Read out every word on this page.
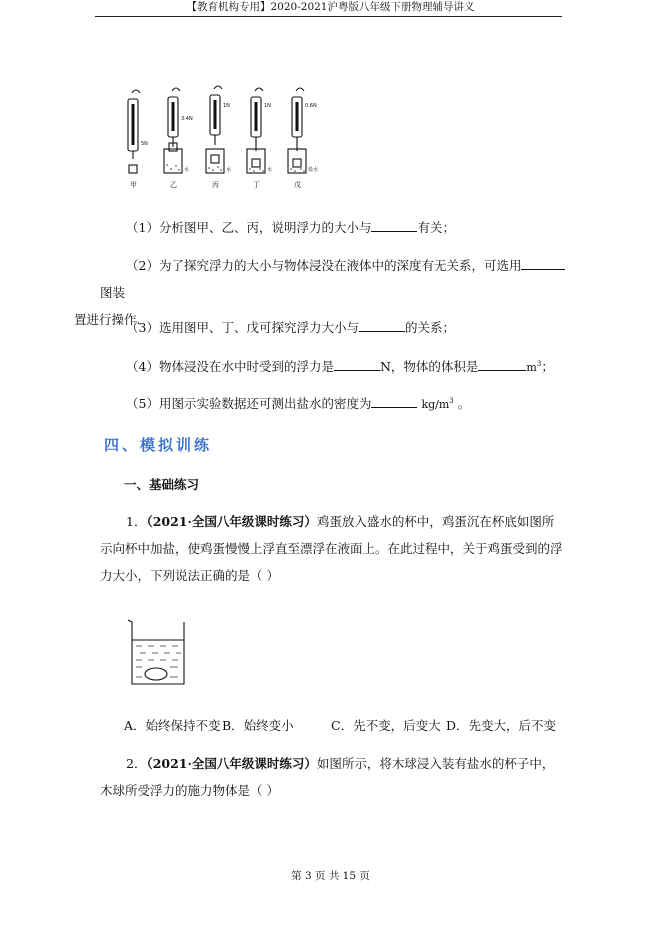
【教育机构专用】2020-2021沪粤版八年级下册物理辅导讲义
5N
3.4N
1N	1N	0.6N
水	水	水	盐水
甲	乙	丙	丁	戊
（1）分析图甲、乙、丙，说明浮力的大小与	有关；
（2）为了探究浮力的大小与物体浸没在液体中的深度有无关系，可选用图装
置进行操作.
（3）选用图甲、丁、戊可探究浮力大小与	的关系；
（4）物体浸没在水中时受到的浮力是	N，物体的体积是	$m^3$；
（5）用图示实验数据还可测出盐水的密度为	$kg/m^3$ 。
四、模拟训练
一、基础练习
1．（2021·全国八年级课时练习）鸡蛋放入盛水的杯中，鸡蛋沉在杯底如图所示向杯中加盐，使鸡蛋慢慢上浮直至漂浮在液面上。在此过程中，关于鸡蛋受到的浮力大小，下列说法正确的是（ ）
A．始终保持不变 B．始终变小	C．先不变，后变大 D．先变大，后不变
2．（2021·全国八年级课时练习）如图所示，将木球浸入装有盐水的杯子中，木球所受浮力的施力物体是（ ）
第 3 页 共 15 页
